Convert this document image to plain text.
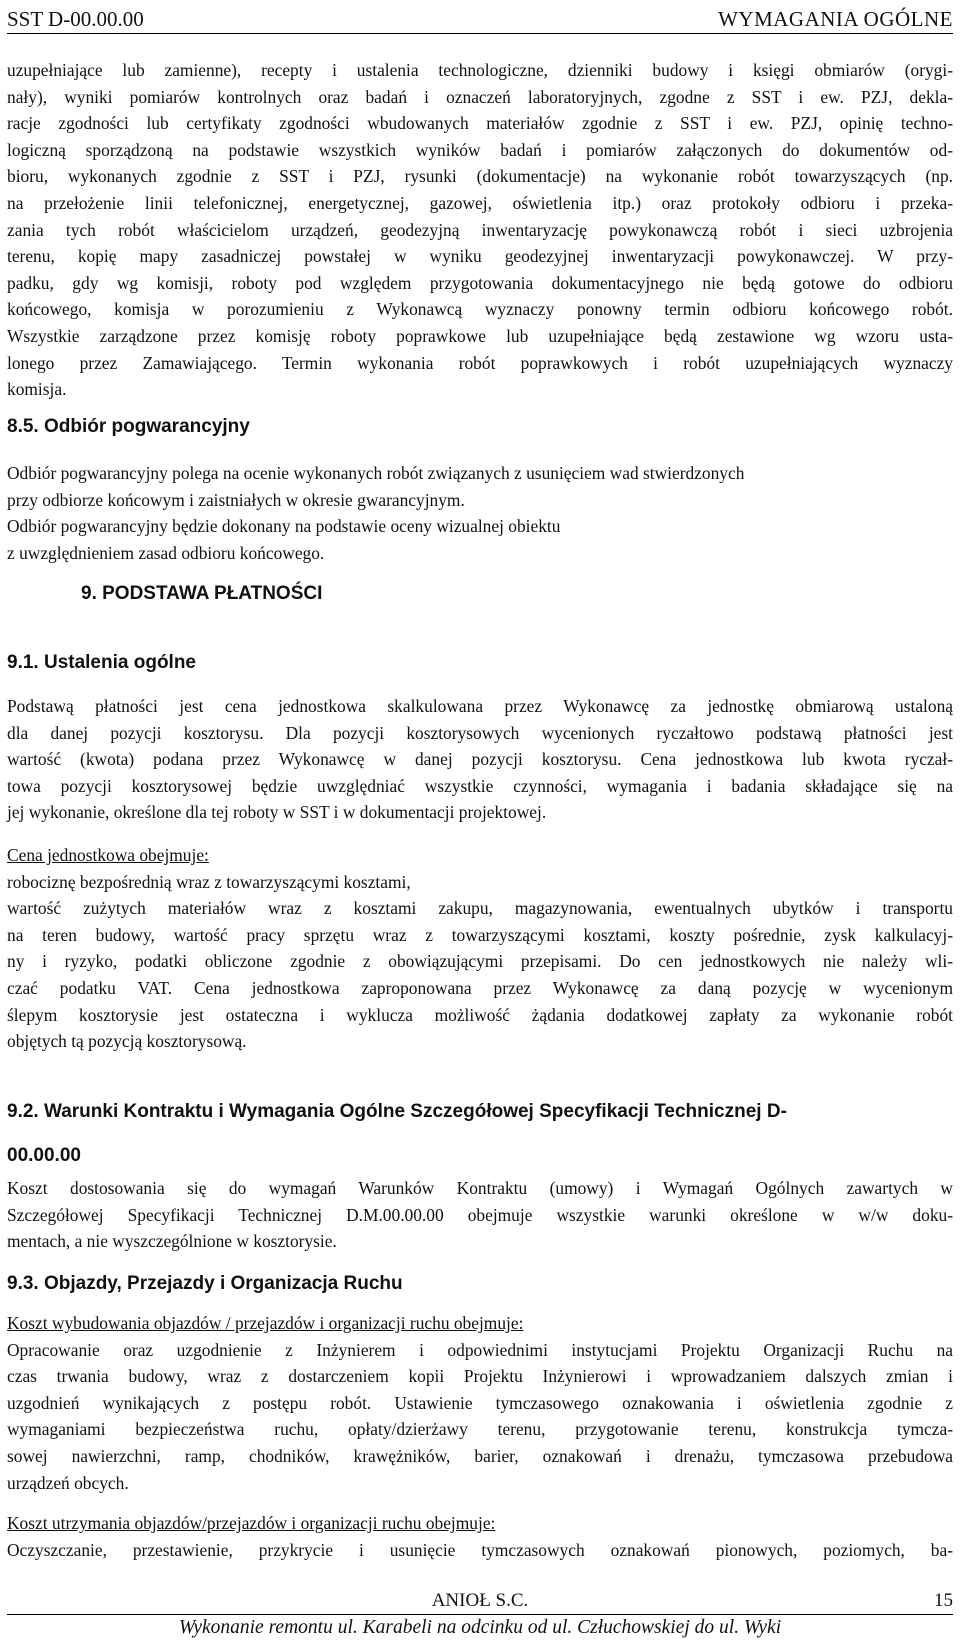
SST D-00.00.00	WYMAGANIA OGÓLNE

uzupełniające lub zamienne), recepty i ustalenia technologiczne, dzienniki budowy i księgi obmiarów (orygi-
nały), wyniki pomiarów kontrolnych oraz badań i oznaczeń laboratoryjnych, zgodne z SST i ew. PZJ, dekla-
racje zgodności lub certyfikaty zgodności wbudowanych materiałów zgodnie z SST i ew. PZJ, opinię techno-
logiczną sporządzoną na podstawie wszystkich wyników badań i pomiarów załączonych do dokumentów od-
bioru, wykonanych zgodnie z SST i PZJ, rysunki (dokumentacje) na wykonanie robót towarzyszących (np.
na przełożenie linii telefonicznej, energetycznej, gazowej, oświetlenia itp.) oraz protokoły odbioru i przeka-
zania tych robót właścicielom urządzeń, geodezyjną inwentaryzację powykonawczą robót i sieci uzbrojenia
terenu, kopię mapy zasadniczej powstałej w wyniku geodezyjnej inwentaryzacji powykonawczej. W przy-
padku, gdy wg komisji, roboty pod względem przygotowania dokumentacyjnego nie będą gotowe do odbioru
końcowego, komisja w porozumieniu z Wykonawcą wyznaczy ponowny termin odbioru końcowego robót.
Wszystkie zarządzone przez komisję roboty poprawkowe lub uzupełniające będą zestawione wg wzoru usta-
lonego przez Zamawiającego. Termin wykonania robót poprawkowych i robót uzupełniających wyznaczy
komisja.

8.5. Odbiór pogwarancyjny

Odbiór pogwarancyjny polega na ocenie wykonanych robót związanych z usunięciem wad stwierdzonych
przy odbiorze końcowym i zaistniałych w okresie gwarancyjnym.
Odbiór pogwarancyjny będzie dokonany na podstawie oceny wizualnej obiektu
z uwzględnieniem zasad odbioru końcowego.

9. PODSTAWA PŁATNOŚCI
9.1. Ustalenia ogólne

Podstawą płatności jest cena jednostkowa skalkulowana przez Wykonawcę za jednostkę obmiarową ustaloną
dla danej pozycji kosztorysu. Dla pozycji kosztorysowych wycenionych ryczałtowo podstawą płatności jest
wartość (kwota) podana przez Wykonawcę w danej pozycji kosztorysu. Cena jednostkowa lub kwota ryczał-
towa pozycji kosztorysowej będzie uwzględniać wszystkie czynności, wymagania i badania składające się na
jej wykonanie, określone dla tej roboty w SST i w dokumentacji projektowej.

Cena jednostkowa obejmuje:
robociznę bezpośrednią wraz z towarzyszącymi kosztami,
wartość zużytych materiałów wraz z kosztami zakupu, magazynowania, ewentualnych ubytków i transportu
na teren budowy, wartość pracy sprzętu wraz z towarzyszącymi kosztami, koszty pośrednie, zysk kalkulacyj-
ny i ryzyko, podatki obliczone zgodnie z obowiązującymi przepisami. Do cen jednostkowych nie należy wli-
czać podatku VAT. Cena jednostkowa zaproponowana przez Wykonawcę za daną pozycję w wycenionym
ślepym kosztorysie jest ostateczna i wyklucza możliwość żądania dodatkowej zapłaty za wykonanie robót
objętych tą pozycją kosztorysową.

9.2. Warunki Kontraktu i Wymagania Ogólne Szczegółowej Specyfikacji Technicznej D-
00.00.00

Koszt dostosowania się do wymagań Warunków Kontraktu (umowy) i Wymagań Ogólnych zawartych w
Szczegółowej Specyfikacji Technicznej D.M.00.00.00 obejmuje wszystkie warunki określone w w/w doku-
mentach, a nie wyszczególnione w kosztorysie.

9.3. Objazdy, Przejazdy i Organizacja Ruchu

Koszt wybudowania objazdów / przejazdów i organizacji ruchu obejmuje:
Opracowanie oraz uzgodnienie z Inżynierem i odpowiednimi instytucjami Projektu Organizacji Ruchu na
czas trwania budowy, wraz z dostarczeniem kopii Projektu Inżynierowi i wprowadzaniem dalszych zmian i
uzgodnień wynikających z postępu robót. Ustawienie tymczasowego oznakowania i oświetlenia zgodnie z
wymaganiami bezpieczeństwa ruchu, opłaty/dzierżawy terenu, przygotowanie terenu, konstrukcja tymcza-
sowej nawierzchni, ramp, chodników, krawężników, barier, oznakowań i drenażu, tymczasowa przebudowa
urządzeń obcych.

Koszt utrzymania objazdów/przejazdów i organizacji ruchu obejmuje:
Oczyszczanie, przestawienie, przykrycie i usunięcie tymczasowych oznakowań pionowych, poziomych, ba-

ANIOŁ S.C.	15
Wykonanie remontu ul. Karabeli na odcinku od ul. Człuchowskiej do ul. Wyki
